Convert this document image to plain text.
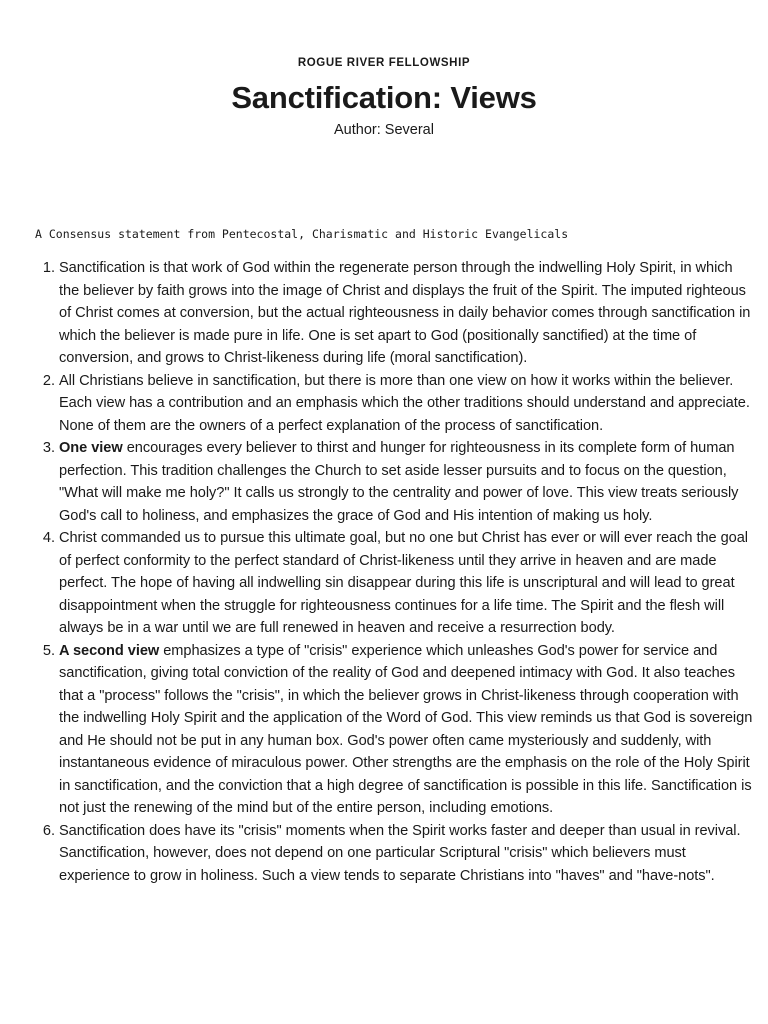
ROGUE RIVER FELLOWSHIP
Sanctification: Views
Author: Several
A Consensus statement from Pentecostal, Charismatic and Historic Evangelicals
1. Sanctification is that work of God within the regenerate person through the indwelling Holy Spirit, in which the believer by faith grows into the image of Christ and displays the fruit of the Spirit. The imputed righteous of Christ comes at conversion, but the actual righteousness in daily behavior comes through sanctification in which the believer is made pure in life. One is set apart to God (positionally sanctified) at the time of conversion, and grows to Christ-likeness during life (moral sanctification).
2. All Christians believe in sanctification, but there is more than one view on how it works within the believer. Each view has a contribution and an emphasis which the other traditions should understand and appreciate. None of them are the owners of a perfect explanation of the process of sanctification.
3. One view encourages every believer to thirst and hunger for righteousness in its complete form of human perfection. This tradition challenges the Church to set aside lesser pursuits and to focus on the question, "What will make me holy?" It calls us strongly to the centrality and power of love. This view treats seriously God's call to holiness, and emphasizes the grace of God and His intention of making us holy.
4. Christ commanded us to pursue this ultimate goal, but no one but Christ has ever or will ever reach the goal of perfect conformity to the perfect standard of Christ-likeness until they arrive in heaven and are made perfect. The hope of having all indwelling sin disappear during this life is unscriptural and will lead to great disappointment when the struggle for righteousness continues for a life time. The Spirit and the flesh will always be in a war until we are full renewed in heaven and receive a resurrection body.
5. A second view emphasizes a type of "crisis" experience which unleashes God's power for service and sanctification, giving total conviction of the reality of God and deepened intimacy with God. It also teaches that a "process" follows the "crisis", in which the believer grows in Christ-likeness through cooperation with the indwelling Holy Spirit and the application of the Word of God. This view reminds us that God is sovereign and He should not be put in any human box. God's power often came mysteriously and suddenly, with instantaneous evidence of miraculous power. Other strengths are the emphasis on the role of the Holy Spirit in sanctification, and the conviction that a high degree of sanctification is possible in this life. Sanctification is not just the renewing of the mind but of the entire person, including emotions.
6. Sanctification does have its "crisis" moments when the Spirit works faster and deeper than usual in revival. Sanctification, however, does not depend on one particular Scriptural "crisis" which believers must experience to grow in holiness. Such a view tends to separate Christians into "haves" and "have-nots".
